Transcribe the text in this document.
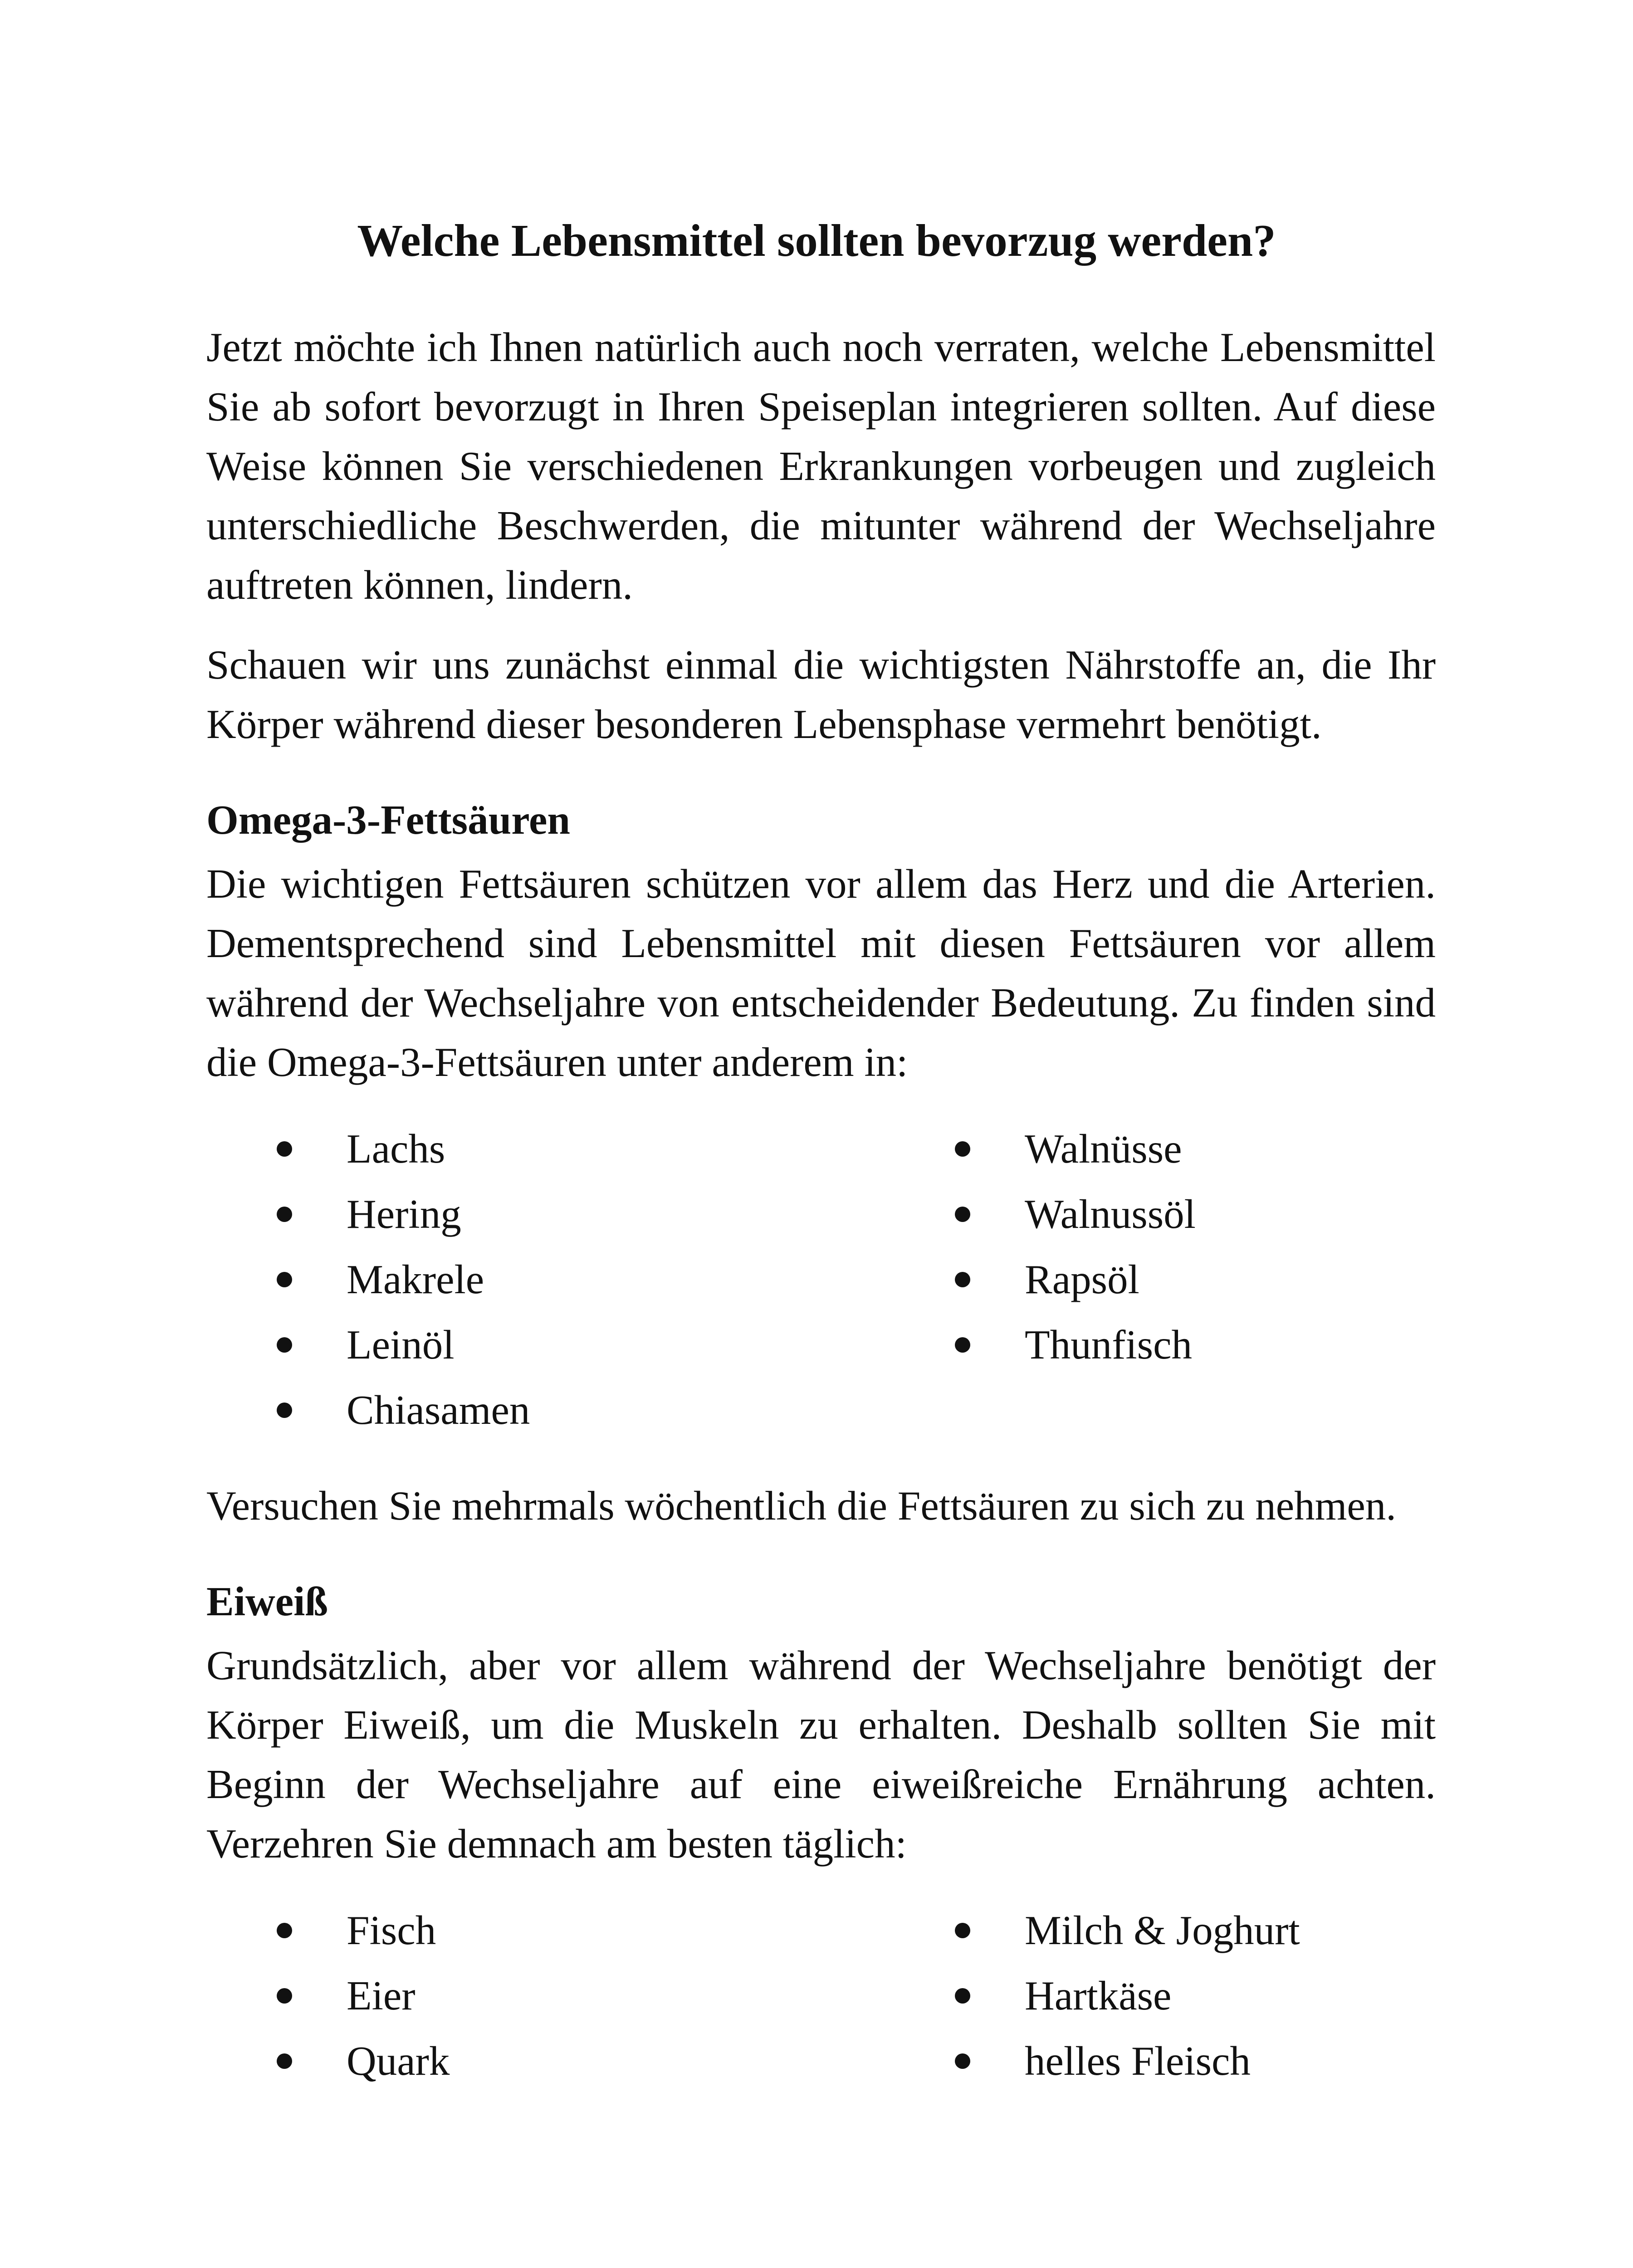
Welche Lebensmittel sollten bevorzug werden?

Jetzt möchte ich Ihnen natürlich auch noch verraten, welche Lebensmittel Sie ab sofort bevorzugt in Ihren Speiseplan integrieren sollten. Auf diese Weise können Sie verschiedenen Erkrankungen vorbeugen und zugleich unterschiedliche Beschwerden, die mitunter während der Wechseljahre auftreten können, lindern.

Schauen wir uns zunächst einmal die wichtigsten Nährstoffe an, die Ihr Körper während dieser besonderen Lebensphase vermehrt benötigt.

Omega-3-Fettsäuren

Die wichtigen Fettsäuren schützen vor allem das Herz und die Arterien. Dementsprechend sind Lebensmittel mit diesen Fettsäuren vor allem während der Wechseljahre von entscheidender Bedeutung. Zu finden sind die Omega-3-Fettsäuren unter anderem in:

Lachs
Hering
Makrele
Leinöl
Chiasamen
Walnüsse
Walnussöl
Rapsöl
Thunfisch

Versuchen Sie mehrmals wöchentlich die Fettsäuren zu sich zu nehmen.

Eiweiß

Grundsätzlich, aber vor allem während der Wechseljahre benötigt der Körper Eiweiß, um die Muskeln zu erhalten. Deshalb sollten Sie mit Beginn der Wechseljahre auf eine eiweißreiche Ernährung achten. Verzehren Sie demnach am besten täglich:

Fisch
Eier
Quark
Milch & Joghurt
Hartkäse
helles Fleisch
